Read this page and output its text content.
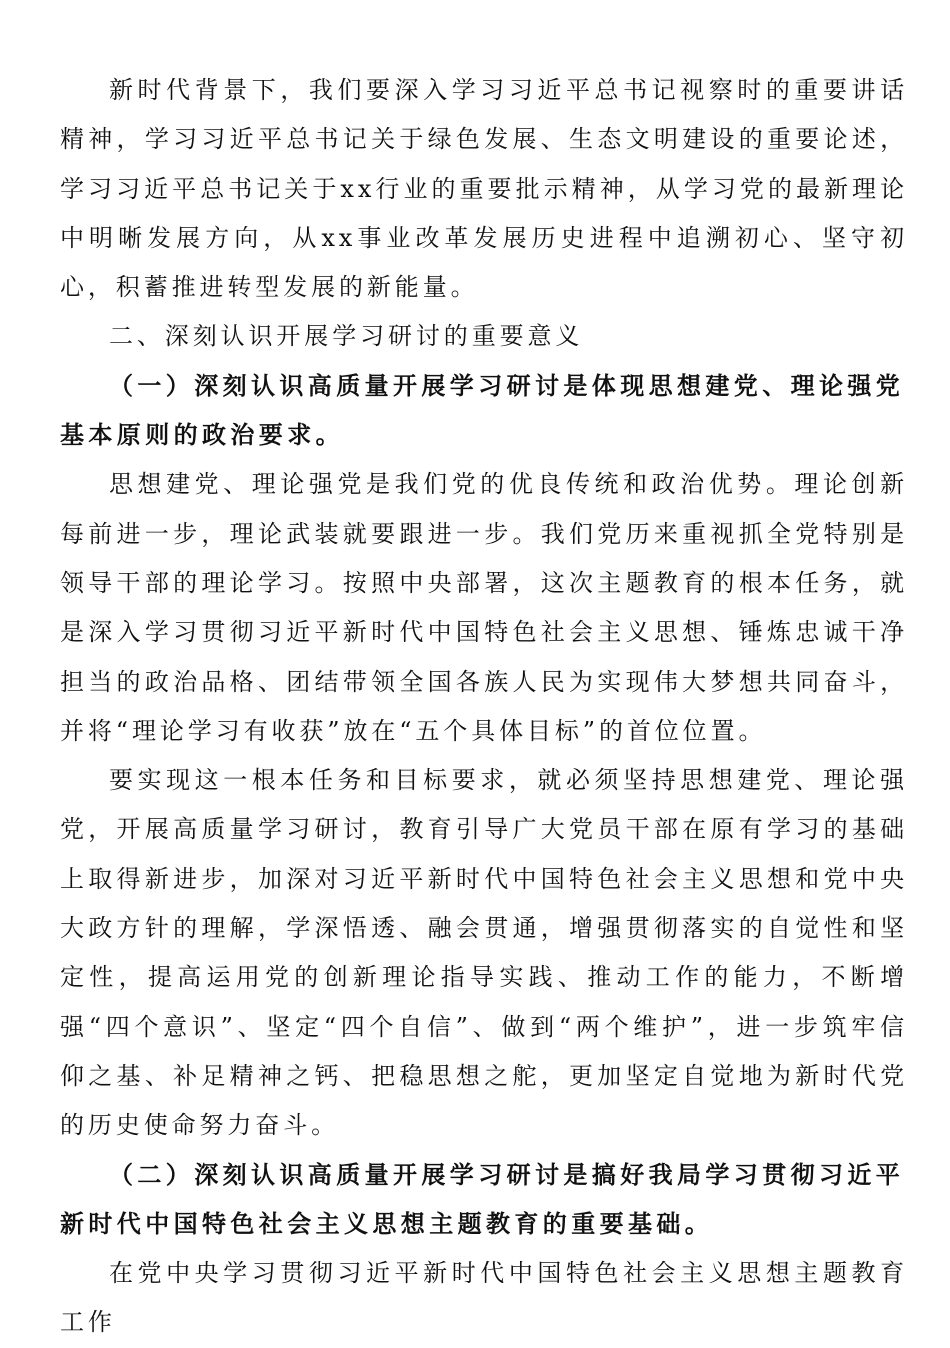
新时代背景下，我们要深入学习习近平总书记视察时的重要讲话精神，学习习近平总书记关于绿色发展、生态文明建设的重要论述，学习习近平总书记关于xx行业的重要批示精神，从学习党的最新理论中明晰发展方向，从xx事业改革发展历史进程中追溯初心、坚守初心，积蓄推进转型发展的新能量。

二、深刻认识开展学习研讨的重要意义

（一）深刻认识高质量开展学习研讨是体现思想建党、理论强党基本原则的政治要求。

思想建党、理论强党是我们党的优良传统和政治优势。理论创新每前进一步，理论武装就要跟进一步。我们党历来重视抓全党特别是领导干部的理论学习。按照中央部署，这次主题教育的根本任务，就是深入学习贯彻习近平新时代中国特色社会主义思想、锤炼忠诚干净担当的政治品格、团结带领全国各族人民为实现伟大梦想共同奋斗，并将“理论学习有收获”放在“五个具体目标”的首位位置。

要实现这一根本任务和目标要求，就必须坚持思想建党、理论强党，开展高质量学习研讨，教育引导广大党员干部在原有学习的基础上取得新进步，加深对习近平新时代中国特色社会主义思想和党中央大政方针的理解，学深悟透、融会贯通，增强贯彻落实的自觉性和坚定性，提高运用党的创新理论指导实践、推动工作的能力，不断增强“四个意识”、坚定“四个自信”、做到“两个维护”，进一步筑牢信仰之基、补足精神之钙、把稳思想之舵，更加坚定自觉地为新时代党的历史使命努力奋斗。

（二）深刻认识高质量开展学习研讨是搞好我局学习贯彻习近平新时代中国特色社会主义思想主题教育的重要基础。

在党中央学习贯彻习近平新时代中国特色社会主义思想主题教育工作
